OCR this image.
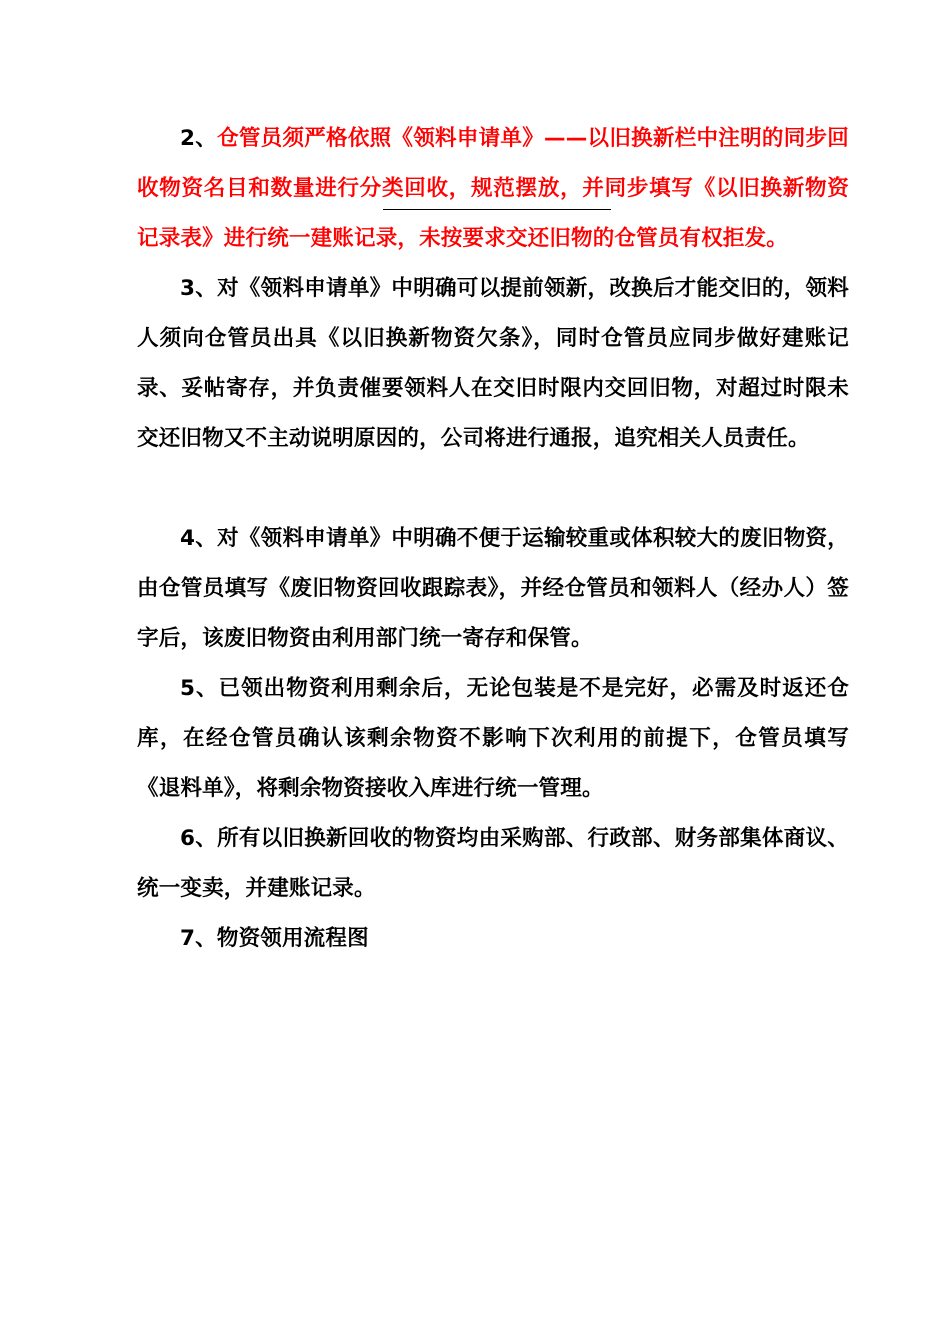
2、仓管员须严格依照《领料申请单》——以旧换新栏中注明的同步回收物资名目和数量进行分类回收，规范摆放，并同步填写《以旧换新物资记录表》进行统一建账记录，未按要求交还旧物的仓管员有权拒发。

3、对《领料申请单》中明确可以提前领新，改换后才能交旧的，领料人须向仓管员出具《以旧换新物资欠条》，同时仓管员应同步做好建账记录、妥帖寄存，并负责催要领料人在交旧时限内交回旧物，对超过时限未交还旧物又不主动说明原因的，公司将进行通报，追究相关人员责任。

4、对《领料申请单》中明确不便于运输较重或体积较大的废旧物资，由仓管员填写《废旧物资回收跟踪表》，并经仓管员和领料人（经办人）签字后，该废旧物资由利用部门统一寄存和保管。

5、已领出物资利用剩余后，无论包装是不是完好，必需及时返还仓库，在经仓管员确认该剩余物资不影响下次利用的前提下，仓管员填写《退料单》，将剩余物资接收入库进行统一管理。

6、所有以旧换新回收的物资均由采购部、行政部、财务部集体商议、统一变卖，并建账记录。

7、物资领用流程图
